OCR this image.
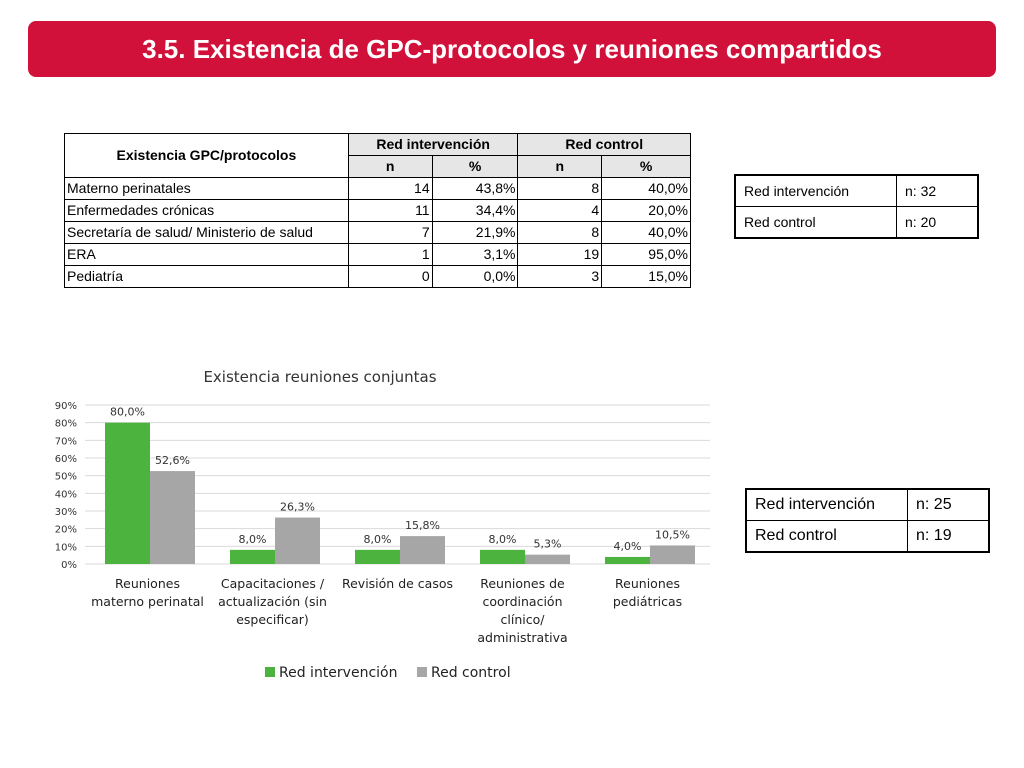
3.5. Existencia de GPC-protocolos y reuniones compartidos
Existencia GPC/protocolos	Red intervención		Red control	
	n	%	n	%
Materno perinatales	14	43,8%	8	40,0%
Enfermedades crónicas	11	34,4%	4	20,0%
Secretaría de salud/ Ministerio de salud	7	21,9%	8	40,0%
ERA	1	3,1%	19	95,0%
Pediatría	0	0,0%	3	15,0%
Red intervención	n: 32
Red control	n: 20
Red intervención	n: 25
Red control	n: 19
Existencia reuniones conjuntas
0%
10%
20%
30%
40%
50%
60%
70%
80%
90%	80,0%
52,6%
Reuniones materno perinatal
8,0%
26,3%
Capacitaciones / actualización (sin especificar)
8,0%
15,8%
Revisión de casos
8,0% 5,3%
Reuniones de coordinación clínico/ administrativa
4,0%
10,5%
Reuniones pediátricas
Red intervención Red control
